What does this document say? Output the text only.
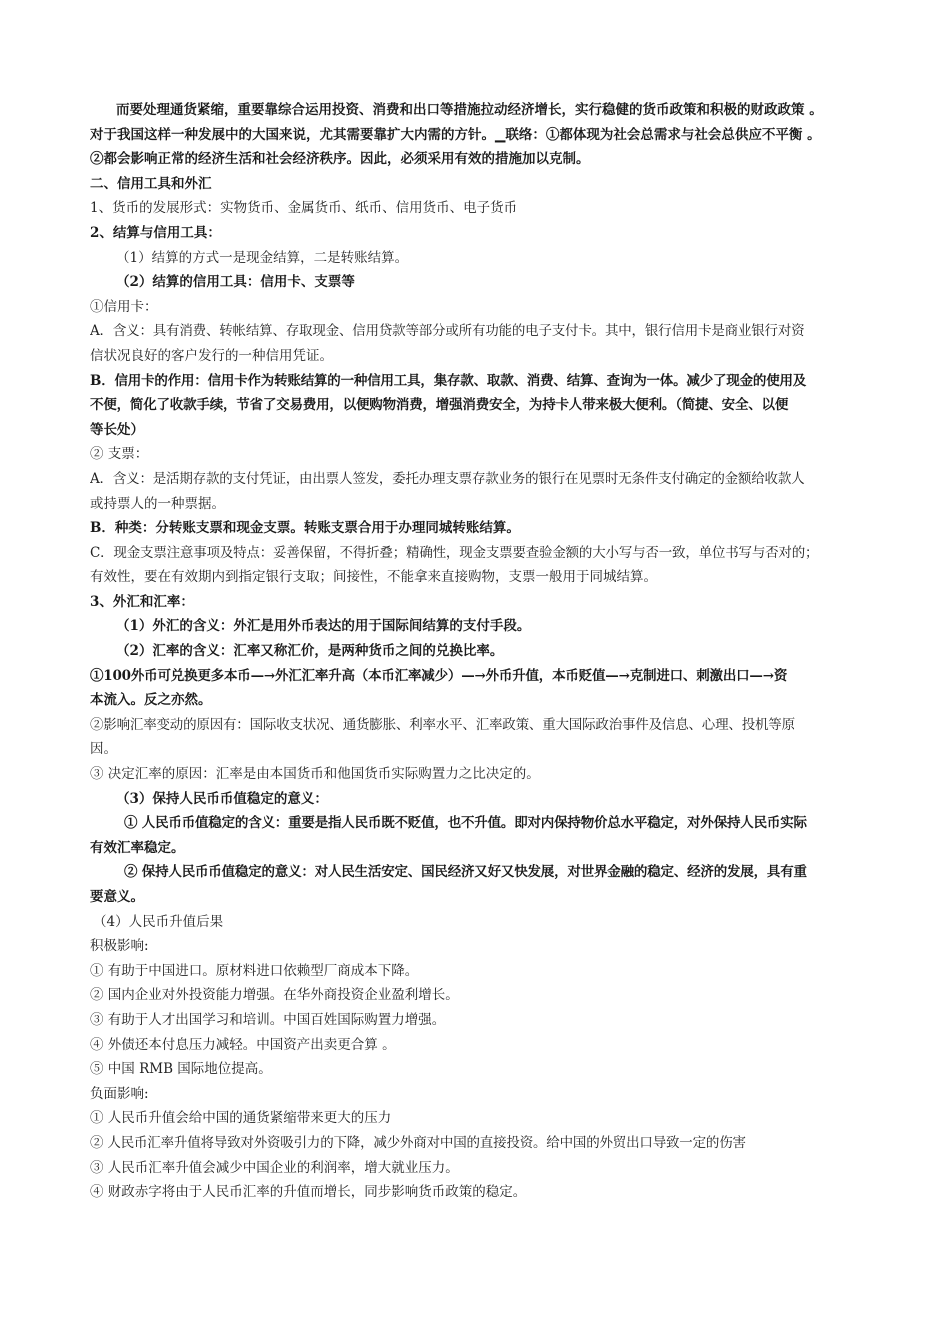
而要处理通货紧缩，重要靠综合运用投资、消费和出口等措施拉动经济增长，实行稳健的货币政策和积极的财政政策 。
对于我国这样一种发展中的大国来说，尤其需要靠扩大内需的方针。▁联络：①都体现为社会总需求与社会总供应不平衡 。
②都会影响正常的经济生活和社会经济秩序。因此，必须采用有效的措施加以克制。
二、信用工具和外汇
1、货币的发展形式：实物货币、金属货币、纸币、信用货币、电子货币
2、结算与信用工具：
（1）结算的方式一是现金结算，二是转账结算。
（2）结算的信用工具：信用卡、支票等
①信用卡：
A．含义：具有消费、转帐结算、存取现金、信用贷款等部分或所有功能的电子支付卡。其中，银行信用卡是商业银行对资
信状况良好的客户发行的一种信用凭证。
B．信用卡的作用：信用卡作为转账结算的一种信用工具，集存款、取款、消费、结算、查询为一体。减少了现金的使用及
不便，简化了收款手续，节省了交易费用，以便购物消费，增强消费安全，为持卡人带来极大便利。（简捷、安全、以便
等长处）
② 支票：
A．含义：是活期存款的支付凭证，由出票人签发，委托办理支票存款业务的银行在见票时无条件支付确定的金额给收款人
或持票人的一种票据。
B．种类：分转账支票和现金支票。转账支票合用于办理同城转账结算。
C．现金支票注意事项及特点：妥善保留，不得折叠；精确性，现金支票要查验金额的大小写与否一致，单位书写与否对的；
有效性，要在有效期内到指定银行支取；间接性，不能拿来直接购物，支票一般用于同城结算。
3、外汇和汇率：
（1）外汇的含义：外汇是用外币表达的用于国际间结算的支付手段。
（2）汇率的含义：汇率又称汇价，是两种货币之间的兑换比率。
①100外币可兑换更多本币—→外汇汇率升高（本币汇率减少）—→外币升值，本币贬值—→克制进口、刺激出口—→资
本流入。反之亦然。
②影响汇率变动的原因有：国际收支状况、通货膨胀、利率水平、汇率政策、重大国际政治事件及信息、心理、投机等原
因。
③ 决定汇率的原因：汇率是由本国货币和他国货币实际购置力之比决定的。
（3）保持人民币币值稳定的意义：
① 人民币币值稳定的含义：重要是指人民币既不贬值，也不升值。即对内保持物价总水平稳定，对外保持人民币实际
有效汇率稳定。
② 保持人民币币值稳定的意义：对人民生活安定、国民经济又好又快发展，对世界金融的稳定、经济的发展，具有重
要意义。
（4）人民币升值后果
积极影响:
① 有助于中国进口。原材料进口依赖型厂商成本下降。
② 国内企业对外投资能力增强。在华外商投资企业盈利增长。
③ 有助于人才出国学习和培训。中国百姓国际购置力增强。
④ 外债还本付息压力减轻。中国资产出卖更合算 。
⑤ 中国 RMB 国际地位提高。
负面影响:
① 人民币升值会给中国的通货紧缩带来更大的压力
② 人民币汇率升值将导致对外资吸引力的下降，减少外商对中国的直接投资。给中国的外贸出口导致一定的伤害
③ 人民币汇率升值会减少中国企业的利润率，增大就业压力。
④ 财政赤字将由于人民币汇率的升值而增长，同步影响货币政策的稳定。
